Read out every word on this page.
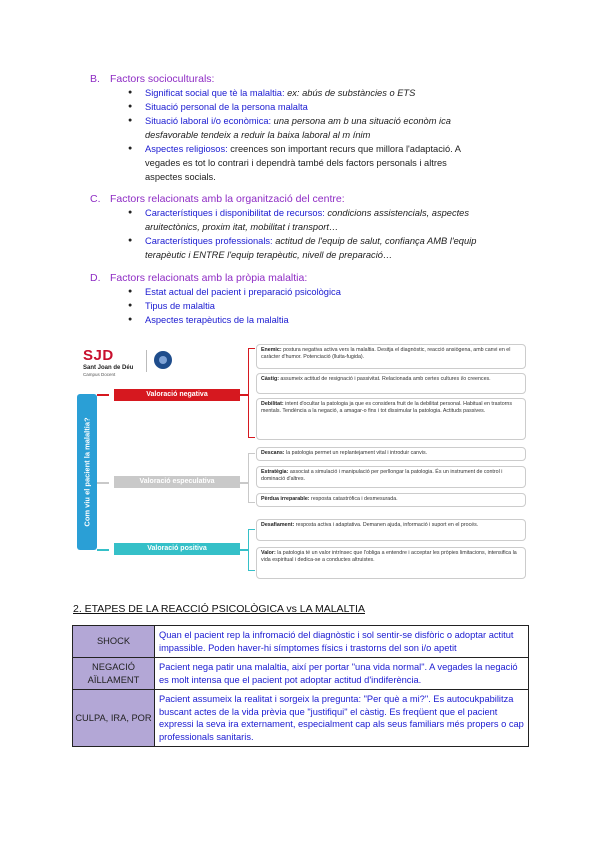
B. Factors socioculturals:
● Significat social que tè la malaltia: ex: abús de substàncies o ETS
● Situació personal de la persona malalta
● Situació laboral i/o econòmica: una persona am b una situació econòm ica desfavorable tendeix a reduir la baixa laboral al m ínim
● Aspectes religiosos: creences son important recurs que millora l'adaptació. A vegades es tot lo contrari i dependrà també dels factors personals i altres aspectes socials.
C. Factors relacionats amb la organització del centre:
● Característiques i disponibilitat de recursos: condicions assistencials, aspectes aruitectònics, proxim itat, mobilitat i transport…
● Característiques professionals: actitud de l'equip de salut, confiança AMB l'equip terapèutic i ENTRE l'equip terapèutic, nivell de preparació…
D. Factors relacionats amb la pròpia malaltia:
● Estat actual del pacient i preparació psicològica
● Tipus de malaltia
● Aspectes terapèutics de la malaltia
SJD
Sant Joan de Déu
Campus Docent
Com viu el pacient la malaltia?
Valoració negativa
Enemic: postura negativa activa vers la malaltia. Desitja el diagnòstic, reacció ansiògena, amb canvi en el caràcter d'humor. Potenciació (lluita-fugida).
Càstig: assumeix actitud de resignació i passivitat. Relacionada amb certes cultures i/o creences.
Debilitat: intent d'ocultar la patologia ja que es considera fruit de la debilitat personal. Habitual en trastorns mentals. Tendència a la negació, a amagar-o fins i tot dissimular la patologia. Actituds passives.
Valoració especulativa
Descans: la patologia permet un replantejament vital i introduir canvis.
Estratègia: associat a simulació i manipulació per perllongar la patologia. És un instrument de control i dominació d'altres.
Pèrdua irreparable: resposta catastròfica i desmesurada.
Valoració positiva
Desafiament: resposta activa i adaptativa. Demanen ajuda, informació i suport en el procés.
Valor: la patologia té un valor intrínsec que l'obliga a entendre i acceptar les pròpies limitacions, intensifica la vida espiritual i dedica-se a conductes altruistes.
2. ETAPES DE LA REACCIÓ PSICOLÒGICA vs LA MALALTIA
SHOCK	Quan el pacient rep la infromació del diagnòstic i sol sentir-se disfòric o adoptar actitut impassible. Poden haver-hi símptomes físics i trastorns del son i/o apetit
NEGACIÓ AÏLLAMENT	Pacient nega patir una malaltia, així per portar "una vida normal". A vegades la negació es molt intensa que el pacient pot adoptar actitud d'indiferència.
CULPA, IRA, POR	Pacient assumeix la realitat i sorgeix la pregunta: "Per què a mi?". Es autocukpabilitza buscant actes de la vida prèvia que "justifiqui" el càstig. Es freqüent que el pacient expressi la seva ira externament, especialment cap als seus familiars més propers o cap professionals sanitaris.
